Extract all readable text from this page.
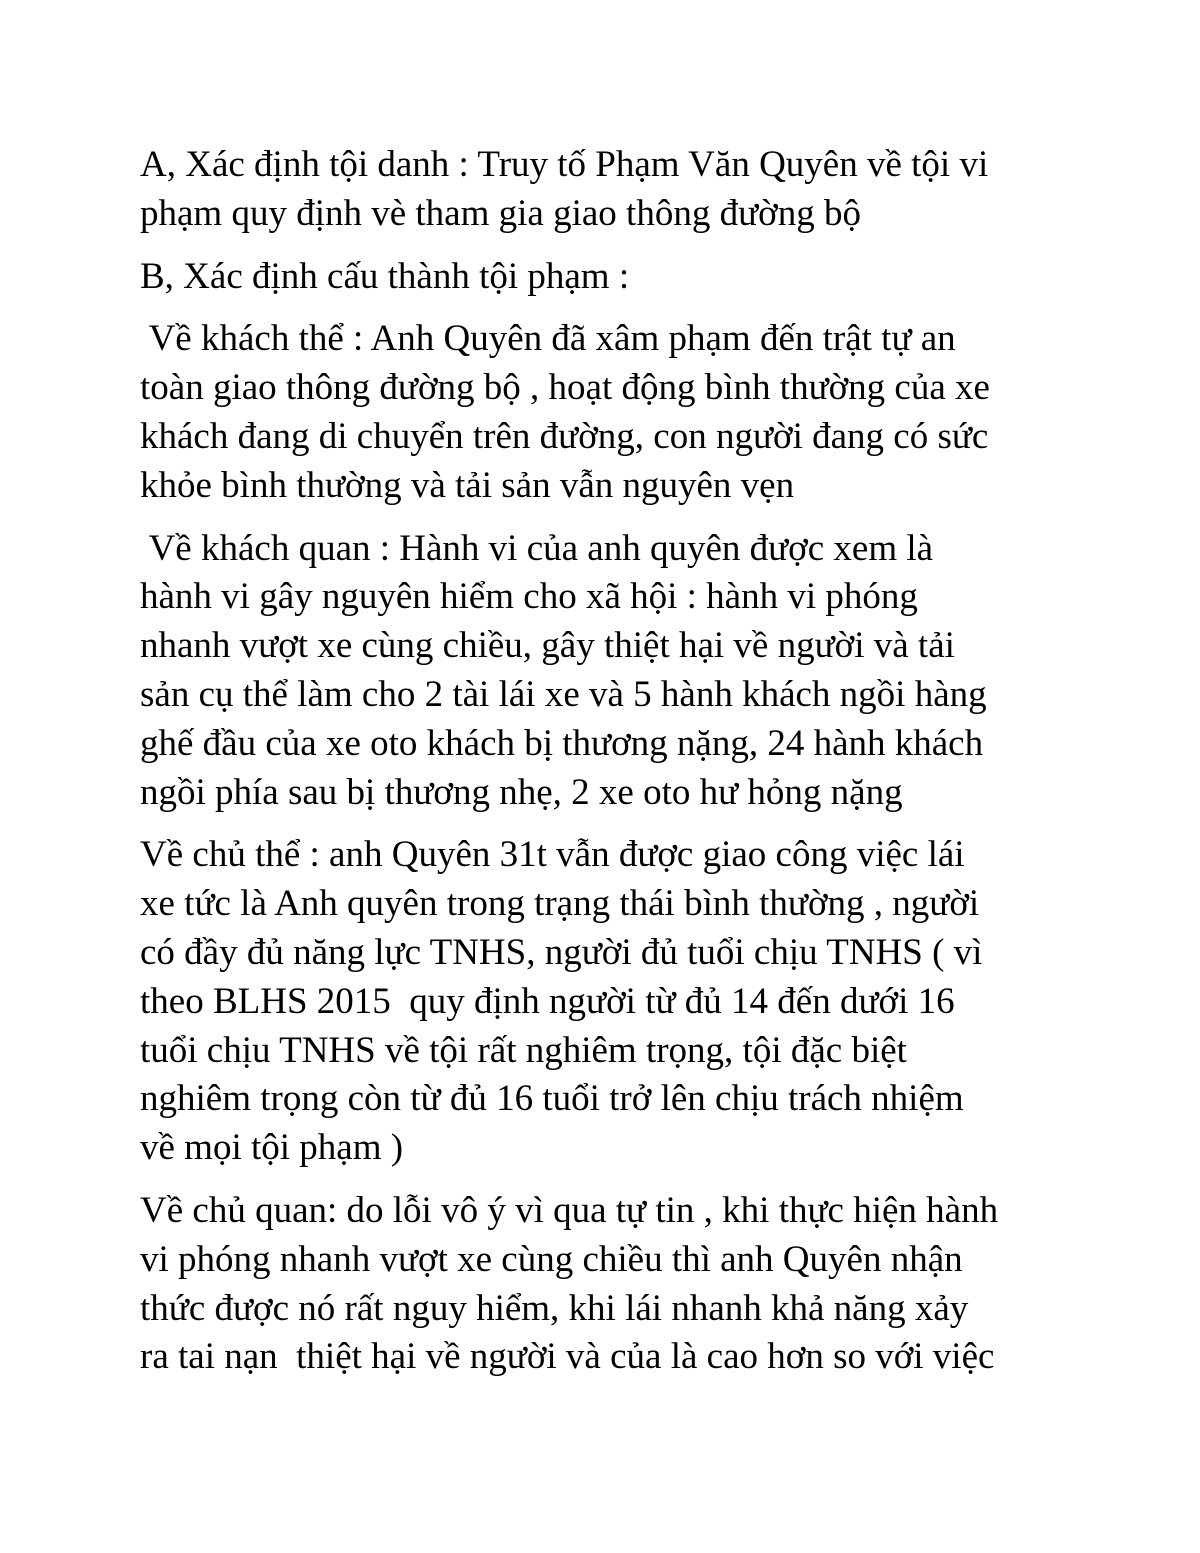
A, Xác định tội danh : Truy tố Phạm Văn Quyên về tội vi
phạm quy định vè tham gia giao thông đường bộ

B, Xác định cấu thành tội phạm :

Về khách thể : Anh Quyên đã xâm phạm đến trật tự an
toàn giao thông đường bộ , hoạt động bình thường của xe
khách đang di chuyển trên đường, con người đang có sức
khỏe bình thường và tải sản vẫn nguyên vẹn

Về khách quan : Hành vi của anh quyên được xem là
hành vi gây nguyên hiểm cho xã hội : hành vi phóng
nhanh vượt xe cùng chiều, gây thiệt hại về người và tải
sản cụ thể làm cho 2 tài lái xe và 5 hành khách ngồi hàng
ghế đầu của xe oto khách bị thương nặng, 24 hành khách
ngồi phía sau bị thương nhẹ, 2 xe oto hư hỏng nặng

Về chủ thể : anh Quyên 31t vẫn được giao công việc lái
xe tức là Anh quyên trong trạng thái bình thường , người
có đầy đủ năng lực TNHS, người đủ tuổi chịu TNHS ( vì
theo BLHS 2015  quy định người từ đủ 14 đến dưới 16
tuổi chịu TNHS về tội rất nghiêm trọng, tội đặc biệt
nghiêm trọng còn từ đủ 16 tuổi trở lên chịu trách nhiệm
về mọi tội phạm )

Về chủ quan: do lỗi vô ý vì qua tự tin , khi thực hiện hành
vi phóng nhanh vượt xe cùng chiều thì anh Quyên nhận
thức được nó rất nguy hiểm, khi lái nhanh khả năng xảy
ra tai nạn  thiệt hại về người và của là cao hơn so với việc
